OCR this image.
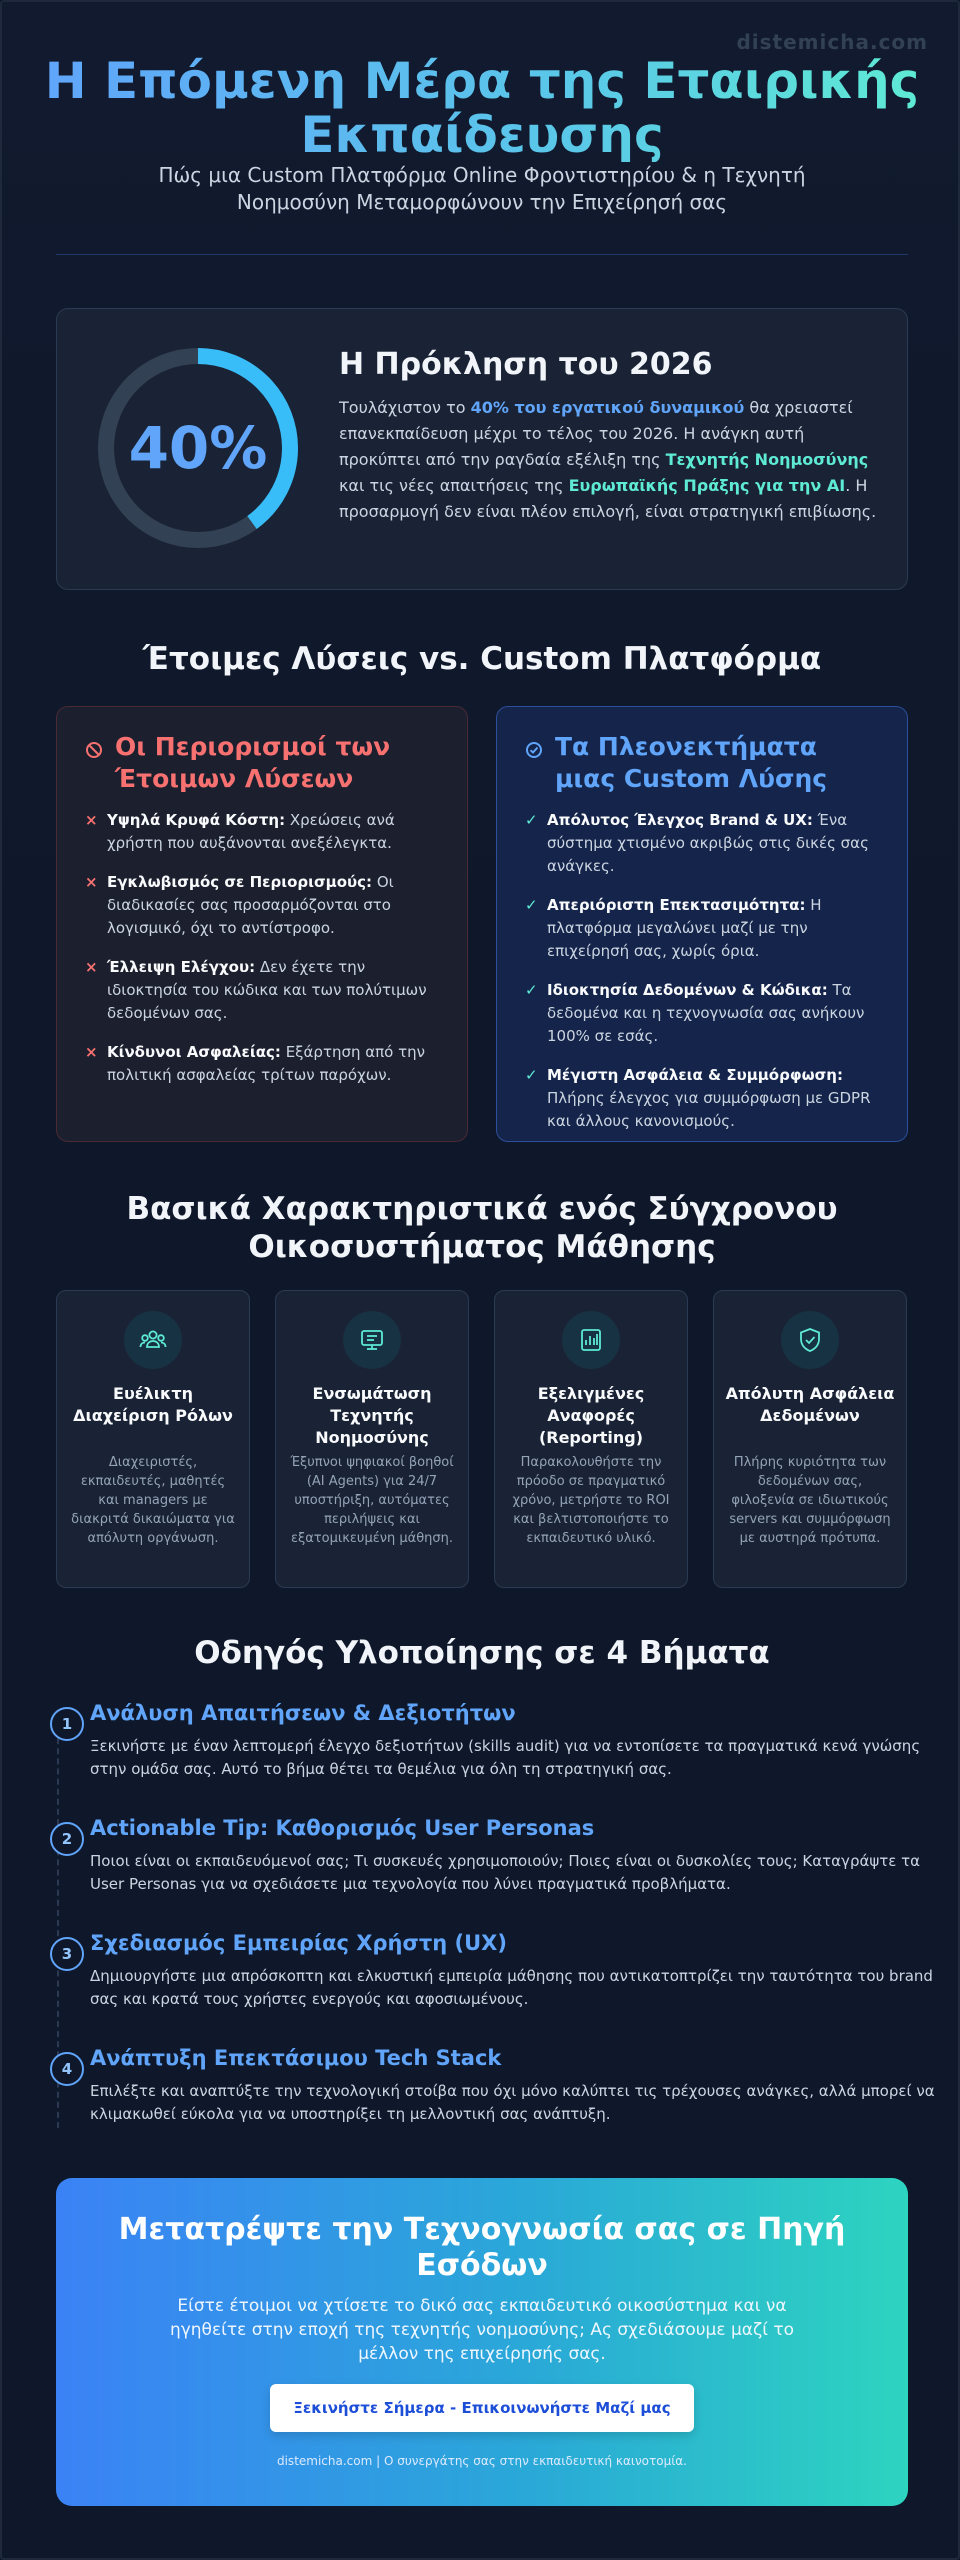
distemicha.com
Η Επόμενη Μέρα της Εταιρικής Εκπαίδευσης

Πώς μια Custom Πλατφόρμα Online Φροντιστηρίου & η Τεχνητή Νοημοσύνη Μεταμορφώνουν την Επιχείρησή σας

40%
Η Πρόκληση του 2026

Τουλάχιστον το 40% του εργατικού δυναμικού θα χρειαστεί επανεκπαίδευση μέχρι το τέλος του 2026. Η ανάγκη αυτή προκύπτει από την ραγδαία εξέλιξη της Τεχνητής Νοημοσύνης και τις νέες απαιτήσεις της Ευρωπαϊκής Πράξης για την AI. Η προσαρμογή δεν είναι πλέον επιλογή, είναι στρατηγική επιβίωσης.

Έτοιμες Λύσεις vs. Custom Πλατφόρμα
Οι Περιορισμοί των Έτοιμων Λύσεων
× Υψηλά Κρυφά Κόστη: Χρεώσεις ανά χρήστη που αυξάνονται ανεξέλεγκτα.
× Εγκλωβισμός σε Περιορισμούς: Οι διαδικασίες σας προσαρμόζονται στο λογισμικό, όχι το αντίστροφο.
× Έλλειψη Ελέγχου: Δεν έχετε την ιδιοκτησία του κώδικα και των πολύτιμων δεδομένων σας.
× Κίνδυνοι Ασφαλείας: Εξάρτηση από την πολιτική ασφαλείας τρίτων παρόχων.
Τα Πλεονεκτήματα μιας Custom Λύσης
✓ Απόλυτος Έλεγχος Brand & UX: Ένα σύστημα χτισμένο ακριβώς στις δικές σας ανάγκες.
✓ Απεριόριστη Επεκτασιμότητα: Η πλατφόρμα μεγαλώνει μαζί με την επιχείρησή σας, χωρίς όρια.
✓ Ιδιοκτησία Δεδομένων & Κώδικα: Τα δεδομένα και η τεχνογνωσία σας ανήκουν 100% σε εσάς.
✓ Μέγιστη Ασφάλεια & Συμμόρφωση: Πλήρης έλεγχος για συμμόρφωση με GDPR και άλλους κανονισμούς.
Βασικά Χαρακτηριστικά ενός Σύγχρονου Οικοσυστήματος Μάθησης
Ευέλικτη Διαχείριση Ρόλων
Διαχειριστές, εκπαιδευτές, μαθητές και managers με διακριτά δικαιώματα για απόλυτη οργάνωση.
Ενσωμάτωση Τεχνητής Νοημοσύνης
Έξυπνοι ψηφιακοί βοηθοί (AI Agents) για 24/7 υποστήριξη, αυτόματες περιλήψεις και εξατομικευμένη μάθηση.
Εξελιγμένες Αναφορές (Reporting)
Παρακολουθήστε την πρόοδο σε πραγματικό χρόνο, μετρήστε το ROI και βελτιστοποιήστε το εκπαιδευτικό υλικό.
Απόλυτη Ασφάλεια Δεδομένων
Πλήρης κυριότητα των δεδομένων σας, φιλοξενία σε ιδιωτικούς servers και συμμόρφωση με αυστηρά πρότυπα.
Οδηγός Υλοποίησης σε 4 Βήματα
1 Ανάλυση Απαιτήσεων & Δεξιοτήτων
Ξεκινήστε με έναν λεπτομερή έλεγχο δεξιοτήτων (skills audit) για να εντοπίσετε τα πραγματικά κενά γνώσης στην ομάδα σας. Αυτό το βήμα θέτει τα θεμέλια για όλη τη στρατηγική σας.
2 Actionable Tip: Καθορισμός User Personas
Ποιοι είναι οι εκπαιδευόμενοί σας; Τι συσκευές χρησιμοποιούν; Ποιες είναι οι δυσκολίες τους; Καταγράψτε τα User Personas για να σχεδιάσετε μια τεχνολογία που λύνει πραγματικά προβλήματα.
3 Σχεδιασμός Εμπειρίας Χρήστη (UX)
Δημιουργήστε μια απρόσκοπτη και ελκυστική εμπειρία μάθησης που αντικατοπτρίζει την ταυτότητα του brand σας και κρατά τους χρήστες ενεργούς και αφοσιωμένους.
4 Ανάπτυξη Επεκτάσιμου Tech Stack
Επιλέξτε και αναπτύξτε την τεχνολογική στοίβα που όχι μόνο καλύπτει τις τρέχουσες ανάγκες, αλλά μπορεί να κλιμακωθεί εύκολα για να υποστηρίξει τη μελλοντική σας ανάπτυξη.
Μετατρέψτε την Τεχνογνωσία σας σε Πηγή Εσόδων

Είστε έτοιμοι να χτίσετε το δικό σας εκπαιδευτικό οικοσύστημα και να ηγηθείτε στην εποχή της τεχνητής νοημοσύνης; Ας σχεδιάσουμε μαζί το μέλλον της επιχείρησής σας.

Ξεκινήστε Σήμερα - Επικοινωνήστε Μαζί μας
distemicha.com | Ο συνεργάτης σας στην εκπαιδευτική καινοτομία.
